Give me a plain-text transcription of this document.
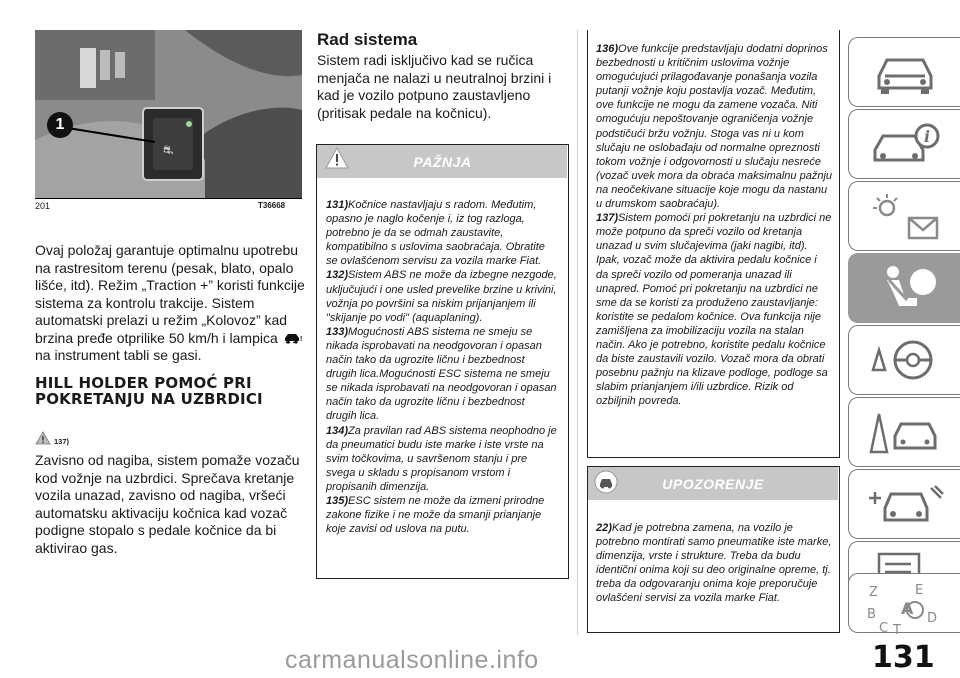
⛐
1
201	T36668
Ovaj položaj garantuje optimalnu upotrebu na rastresitom terenu (pesak, blato, opalo lišće, itd). Režim „Traction +” koristi funkcije sistema za kontrolu trakcije. Sistem automatski prelazi u režim „Kolovoz” kad brzina pređe otprilike 50 km/h i lampica	!
na instrument tabli se gasi.
HILL HOLDER POMOĆ PRI POKRETANJU NA UZBRDICI
137)
Zavisno od nagiba, sistem pomaže vozaču kod vožnje na uzbrdici. Sprečava kretanje vozila unazad, zavisno od nagiba, vršeći automatsku aktivaciju kočnica kad vozač podigne stopalo s pedale kočnice da bi aktivirao gas.
Rad sistema
Sistem radi isključivo kad se ručica menjača ne nalazi u neutralnoj brzini i kad je vozilo potpuno zaustavljeno (pritisak pedale na kočnicu).
PAŽNJA
131)Kočnice nastavljaju s radom. Međutim, opasno je naglo kočenje i, iz tog razloga, potrebno je da se odmah zaustavite, kompatibilno s uslovima saobraćaja. Obratite se ovlašćenom servisu za vozila marke Fiat.
132)Sistem ABS ne može da izbegne nezgode, uključujući i one usled prevelike brzine u krivini, vožnja po površini sa niskim prijanjanjem ili "skijanje po vodi" (aquaplaning).
133)Mogućnosti ABS sistema ne smeju se nikada isprobavati na neodgovoran i opasan način tako da ugrozite ličnu i bezbednost drugih lica.Mogućnosti ESC sistema ne smeju se nikada isprobavati na neodgovoran i opasan način tako da ugrozite ličnu i bezbednost drugih lica.
134)Za pravilan rad ABS sistema neophodno je da pneumatici budu iste marke i iste vrste na svim točkovima, u savršenom stanju i pre svega u skladu s propisanom vrstom i propisanih dimenzija.
135)ESC sistem ne može da izmeni prirodne zakone fizike i ne može da smanji prianjanje koje zavisi od uslova na putu.
136)Ove funkcije predstavljaju dodatni doprinos bezbednosti u kritičnim uslovima vožnje omogućujući prilagođavanje ponašanja vozila putanji vožnje koju postavlja vozač. Međutim, ove funkcije ne mogu da zamene vozača. Niti omogućuju nepoštovanje ograničenja vožnje podstičući bržu vožnju. Stoga vas ni u kom slučaju ne oslobađaju od normalne opreznosti tokom vožnje i odgovornosti u slučaju nesreće (vozač uvek mora da obraća maksimalnu pažnju na neočekivane situacije koje mogu da nastanu u drumskom saobraćaju).
137)Sistem pomoći pri pokretanju na uzbrdici ne može potpuno da spreči vozilo od kretanja unazad u svim slučajevima (jaki nagibi, itd). Ipak, vozač može da aktivira pedalu kočnice i da spreči vozilo od pomeranja unazad ili unapred. Pomoć pri pokretanju na uzbrdici ne sme da se koristi za produženo zaustavljanje: koristite se pedalom kočnice. Ova funkcija nije zamišljena za imobilizaciju vozila na stalan način. Ako je potrebno, koristite pedalu kočnice da biste zaustavili vozilo. Vozač mora da obrati posebnu pažnju na klizave podloge, podloge sa slabim prianjanjem i/ili uzbrdice. Rizik od ozbiljnih povreda.
UPOZORENJE
22)Kad je potrebna zamena, na vozilo je potrebno montirati samo pneumatike iste marke, dimenzija, vrste i strukture. Treba da budu identični onima koji su deo originalne opreme, tj. treba da odgovaranju onima koje preporučuje ovlašćeni servisi za vozila marke Fiat.
i
Z	E
B
C
D
T
A
131
carmanualsonline.info
